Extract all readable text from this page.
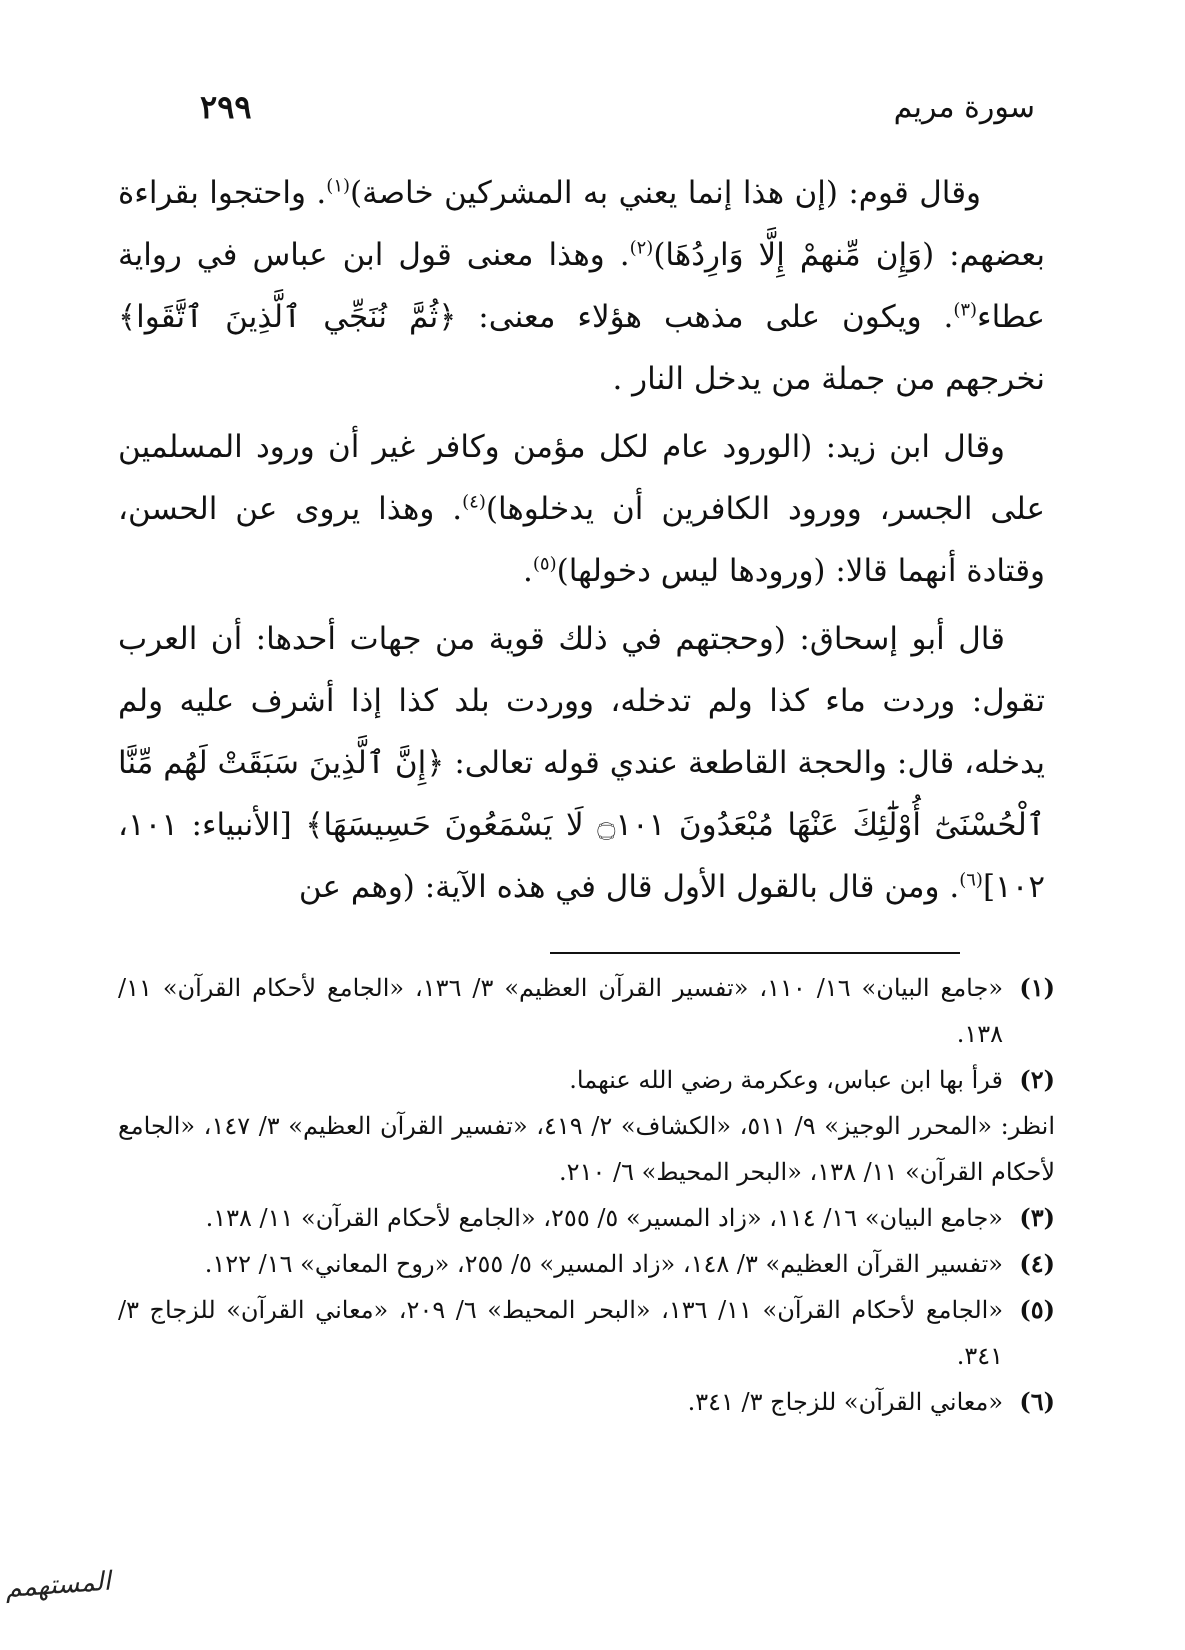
سورة مريم
٢٩٩

وقال قوم: (إن هذا إنما يعني به المشركين خاصة)$^{(١)}$. واحتجوا بقراءة بعضهم: (وَإِن مِّنهمْ إِلَّا وَارِدُهَا)$^{(٢)}$. وهذا معنى قول ابن عباس في رواية عطاء$^{(٣)}$. ويكون على مذهب هؤلاء معنى: ﴿ثُمَّ نُنَجِّي ٱلَّذِينَ ٱتَّقَوا﴾ نخرجهم من جملة من يدخل النار .

وقال ابن زيد: (الورود عام لكل مؤمن وكافر غير أن ورود المسلمين على الجسر، وورود الكافرين أن يدخلوها)$^{(٤)}$. وهذا يروى عن الحسن، وقتادة أنهما قالا: (ورودها ليس دخولها)$^{(٥)}$.

قال أبو إسحاق: (وحجتهم في ذلك قوية من جهات أحدها: أن العرب تقول: وردت ماء كذا ولم تدخله، ووردت بلد كذا إذا أشرف عليه ولم يدخله، قال: والحجة القاطعة عندي قوله تعالى: ﴿إِنَّ ٱلَّذِينَ سَبَقَتْ لَهُم مِّنَّا ٱلْحُسْنَىٰٓ أُوْلَٰٓئِكَ عَنْهَا مُبْعَدُونَ ۝١٠١ لَا يَسْمَعُونَ حَسِيسَهَا﴾ [الأنبياء: ١٠١، ١٠٢]$^{(٦)}$. ومن قال بالقول الأول قال في هذه الآية: (وهم عن

(١)
«جامع البيان» ١٦/ ١١٠، «تفسير القرآن العظيم» ٣/ ١٣٦، «الجامع لأحكام القرآن» ١١/ ١٣٨.
(٢)
قرأ بها ابن عباس، وعكرمة رضي الله عنهما.
انظر: «المحرر الوجيز» ٩/ ٥١١، «الكشاف» ٢/ ٤١٩، «تفسير القرآن العظيم» ٣/ ١٤٧، «الجامع لأحكام القرآن» ١١/ ١٣٨، «البحر المحيط» ٦/ ٢١٠.
(٣)
«جامع البيان» ١٦/ ١١٤، «زاد المسير» ٥/ ٢٥٥، «الجامع لأحكام القرآن» ١١/ ١٣٨.
(٤)
«تفسير القرآن العظيم» ٣/ ١٤٨، «زاد المسير» ٥/ ٢٥٥، «روح المعاني» ١٦/ ١٢٢.
(٥)
«الجامع لأحكام القرآن» ١١/ ١٣٦، «البحر المحيط» ٦/ ٢٠٩، «معاني القرآن» للزجاج ٣/ ٣٤١.
(٦)
«معاني القرآن» للزجاج ٣/ ٣٤١.
المستهمم
